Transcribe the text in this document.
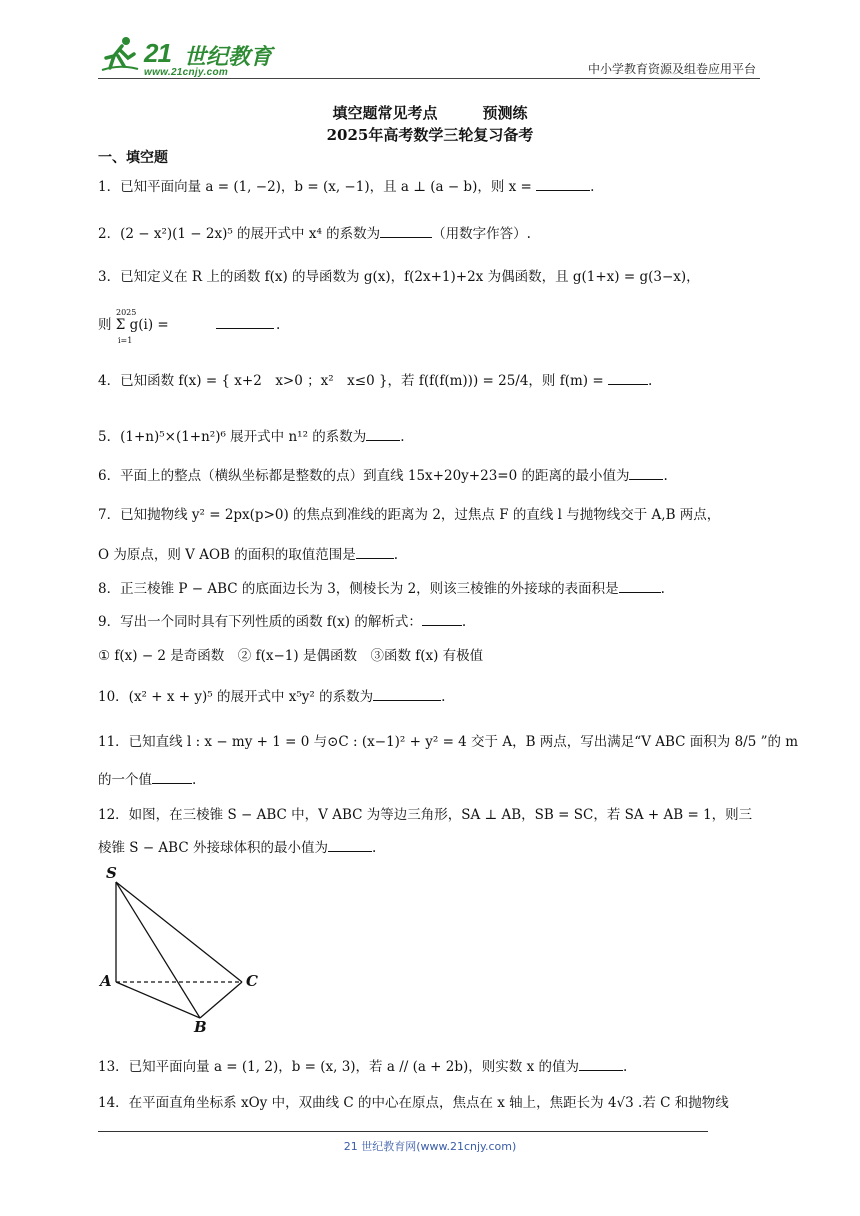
21 世纪教育
www.21cnjy.com	中小学教育资源及组卷应用平台
填空题常见考点　　　预测练
2025年高考数学三轮复习备考
一、填空题
1．已知平面向量 a = (1, −2)，b = (x, −1)，且 a ⊥ (a − b)，则 x =	.
2．(2 − x²)(1 − 2x)⁵ 的展开式中 x⁴ 的系数为	（用数字作答）.
3．已知定义在 R 上的函数 f(x) 的导函数为 g(x)，f(2x+1)+2x 为偶函数，且 g(1+x) = g(3−x)，
2025
i=1
则 Σ g(i) =	.
4．已知函数 f(x) = { x+2　x>0 ；x²　x≤0 }，若 f(f(f(m))) = 25/4，则 f(m) =	.
5．(1+n)⁵×(1+n²)⁶ 展开式中 n¹² 的系数为	.
6．平面上的整点（横纵坐标都是整数的点）到直线 15x+20y+23=0 的距离的最小值为	.
7．已知抛物线 y² = 2px(p>0) 的焦点到准线的距离为 2，过焦点 F 的直线 l 与抛物线交于 A,B 两点，
O 为原点，则 V AOB 的面积的取值范围是	.
8．正三棱锥 P − ABC 的底面边长为 3，侧棱长为 2，则该三棱锥的外接球的表面积是	.
9．写出一个同时具有下列性质的函数 f(x) 的解析式：	.
① f(x) − 2 是奇函数　② f(x−1) 是偶函数　③函数 f(x) 有极值
10．(x² + x + y)⁵ 的展开式中 x⁵y² 的系数为	.
11．已知直线 l : x − my + 1 = 0 与⊙C : (x−1)² + y² = 4 交于 A，B 两点，写出满足“V ABC 面积为 8/5 ”的 m
的一个值	.
12．如图，在三棱锥 S − ABC 中，V ABC 为等边三角形，SA ⊥ AB，SB = SC，若 SA + AB = 1，则三
棱锥 S − ABC 外接球体积的最小值为	.
S
A	C
B
13．已知平面向量 a = (1, 2)，b = (x, 3)，若 a // (a + 2b)，则实数 x 的值为	.
14．在平面直角坐标系 xOy 中，双曲线 C 的中心在原点，焦点在 x 轴上，焦距长为 4√3 .若 C 和抛物线
21 世纪教育网(www.21cnjy.com)
